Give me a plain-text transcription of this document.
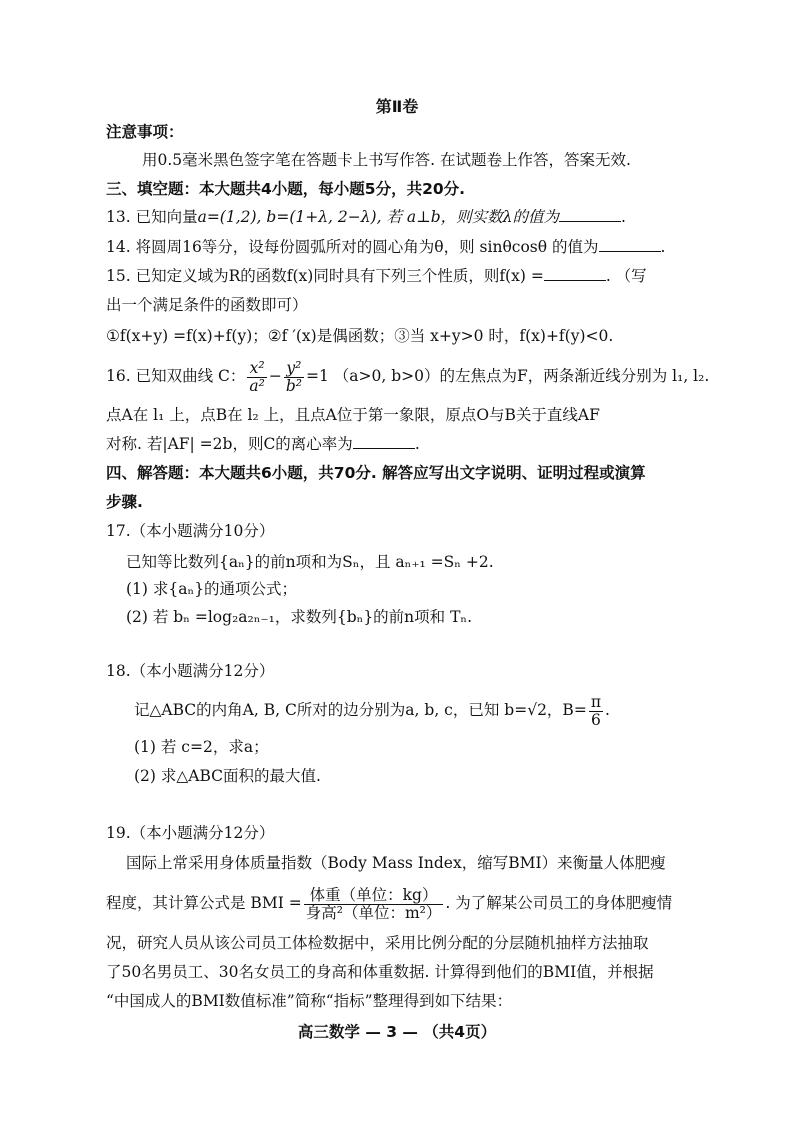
第Ⅱ卷
注意事项：
用0.5毫米黑色签字笔在答题卡上书写作答. 在试题卷上作答，答案无效.
三、填空题：本大题共4小题，每小题5分，共20分.
13. 已知向量a=(1,2), b=(1+λ, 2−λ), 若 a⊥b，则实数λ的值为	.
14. 将圆周16等分，设每份圆弧所对的圆心角为θ，则 sinθcosθ 的值为	.
15. 已知定义域为R的函数f(x)同时具有下列三个性质，则f(x) =	. （写
出一个满足条件的函数即可）
①f(x+y) =f(x)+f(y)；②f ′(x)是偶函数；③当 x+y>0 时，f(x)+f(y)<0.
16. 已知双曲线 C： $\frac{\text{x²}}{\text{a²}} - \frac{\text{y²}}{\text{b²}} =1$ （a>0, b>0）的左焦点为F，两条渐近线分别为 l₁, l₂.
点A在 l₁ 上，点B在 l₂ 上，且点A位于第一象限，原点O与B关于直线AF
对称. 若|AF| =2b，则C的离心率为	.
四、解答题：本大题共6小题，共70分. 解答应写出文字说明、证明过程或演算
步骤.
17.（本小题满分10分）
已知等比数列{aₙ}的前n项和为Sₙ，且 aₙ₊₁ =Sₙ +2.
(1) 求{aₙ}的通项公式；
(2) 若 bₙ =log₂a₂ₙ₋₁，求数列{bₙ}的前n项和 Tₙ.
18.（本小题满分12分）
记△ABC的内角A, B, C所对的边分别为a, b, c，已知 b=√2，$B= \frac{\pi}{6}$ .
(1) 若 c=2，求a；
(2) 求△ABC面积的最大值.
19.（本小题满分12分）
国际上常采用身体质量指数（Body Mass Index，缩写BMI）来衡量人体肥瘦
程度，其计算公式是 BMI = $\frac{\text{体重（单位：kg）}}{\text{身高²（单位：m²）}}$ . 为了解某公司员工的身体肥瘦情
况，研究人员从该公司员工体检数据中，采用比例分配的分层随机抽样方法抽取
了50名男员工、30名女员工的身高和体重数据. 计算得到他们的BMI值，并根据
“中国成人的BMI数值标准”简称“指标”整理得到如下结果：
高三数学 — 3 — （共4页）
